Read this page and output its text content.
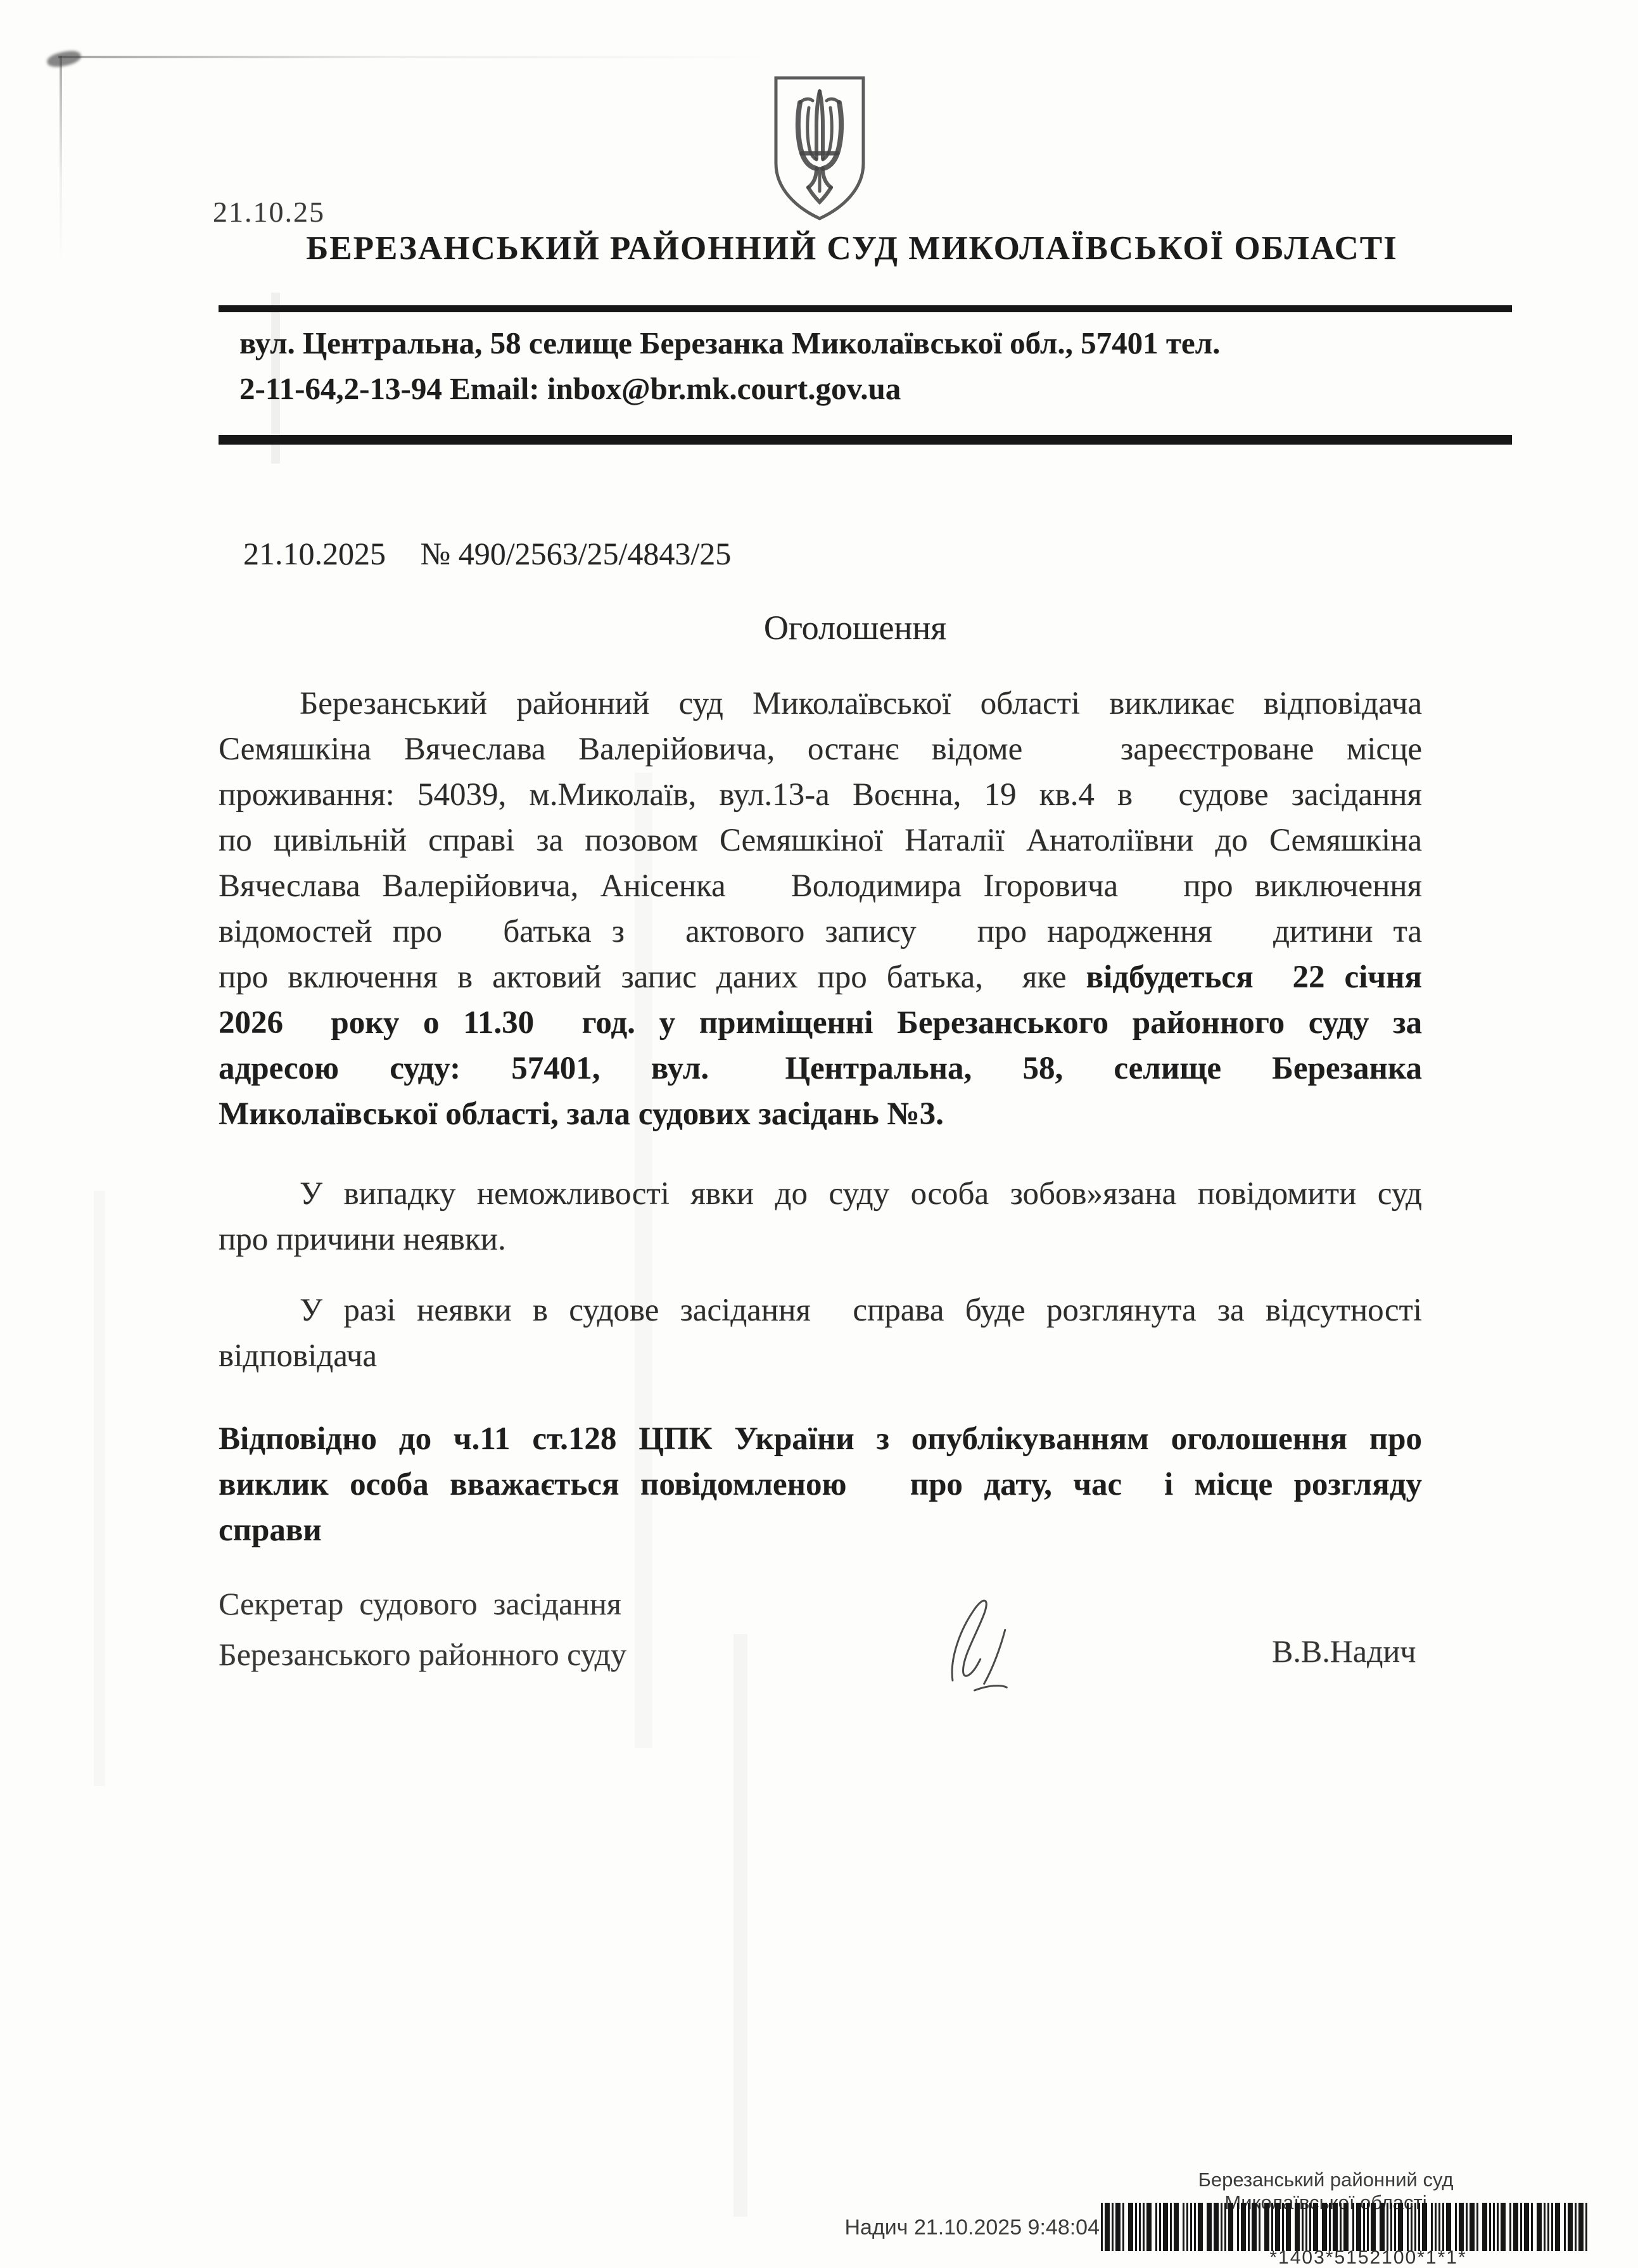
21.10.25
БЕРЕЗАНСЬКИЙ РАЙОННИЙ СУД МИКОЛАЇВСЬКОЇ ОБЛАСТІ
вул. Центральна, 58 селище Березанка Миколаївської обл., 57401 тел.
2-11-64,2-13-94 Email: inbox@br.mk.court.gov.ua
21.10.2025 № 490/2563/25/4843/25
Оголошення
Березанський районний суд Миколаївської області викликає відповідача
Семяшкіна Вячеслава Валерійовича, останє відоме   зареєстроване місце
проживання: 54039, м.Миколаїв, вул.13-а Воєнна, 19 кв.4 в  судове засідання
по цивільній справі за позовом Семяшкіної Наталії Анатоліївни до Семяшкіна
Вячеслава Валерійовича, Анісенка   Володимира Ігоровича   про виключення
відомостей про   батька з   актового запису   про народження   дитини та
про включення в актовий запис даних про батька,  яке відбудеться  22 січня
2026  року о 11.30  год. у приміщенні Березанського районного суду за
адресою  суду:  57401,  вул.   Центральна,  58,  селище  Березанка
Миколаївської області, зала судових засідань №3.
У випадку неможливості явки до суду особа зобов»язана повідомити суд
про причини неявки.
У разі неявки в судове засідання  справа буде розглянута за відсутності
відповідача
Відповідно до ч.11 ст.128 ЦПК України з опублікуванням оголошення про
виклик особа вважається повідомленою   про дату, час  і місце розгляду
справи
Секретар  судового  засідання
Березанського районного суду	В.В.Надич
Березанський районний суд
області
Надич 21.10.2025 9:48:04
*1403*5152100*1*1*
